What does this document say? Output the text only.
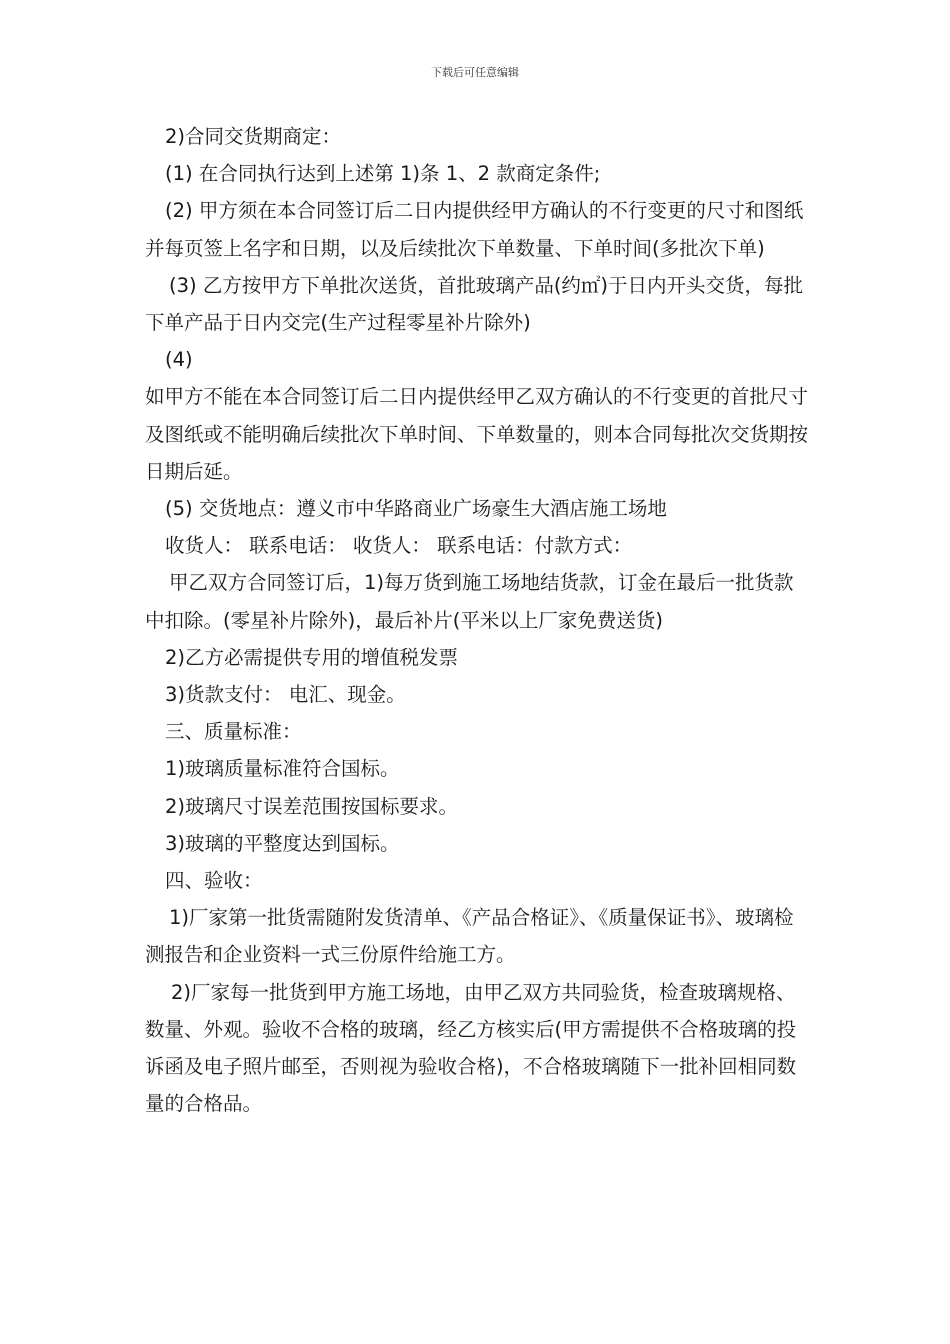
下载后可任意编辑

2)合同交货期商定：

(1) 在合同执行达到上述第 1)条 1、2 款商定条件;

(2) 甲方须在本合同签订后二日内提供经甲方确认的不行变更的尺寸和图纸并每页签上名字和日期，以及后续批次下单数量、下单时间(多批次下单)

(3) 乙方按甲方下单批次送货，首批玻璃产品(约㎡)于日内开头交货，每批下单产品于日内交完(生产过程零星补片除外)

(4)

如甲方不能在本合同签订后二日内提供经甲乙双方确认的不行变更的首批尺寸及图纸或不能明确后续批次下单时间、下单数量的，则本合同每批次交货期按日期后延。

(5) 交货地点：遵义市中华路商业广场豪生大酒店施工场地

收货人： 联系电话： 收货人： 联系电话：付款方式：

甲乙双方合同签订后，1)每万货到施工场地结货款，订金在最后一批货款中扣除。(零星补片除外)，最后补片(平米以上厂家免费送货)

2)乙方必需提供专用的增值税发票

3)货款支付： 电汇、现金。

三、质量标准：

1)玻璃质量标准符合国标。

2)玻璃尺寸误差范围按国标要求。

3)玻璃的平整度达到国标。

四、验收：

1)厂家第一批货需随附发货清单、《产品合格证》、《质量保证书》、玻璃检测报告和企业资料一式三份原件给施工方。

2)厂家每一批货到甲方施工场地，由甲乙双方共同验货，检查玻璃规格、数量、外观。验收不合格的玻璃，经乙方核实后(甲方需提供不合格玻璃的投诉函及电子照片邮至，否则视为验收合格)，不合格玻璃随下一批补回相同数量的合格品。
